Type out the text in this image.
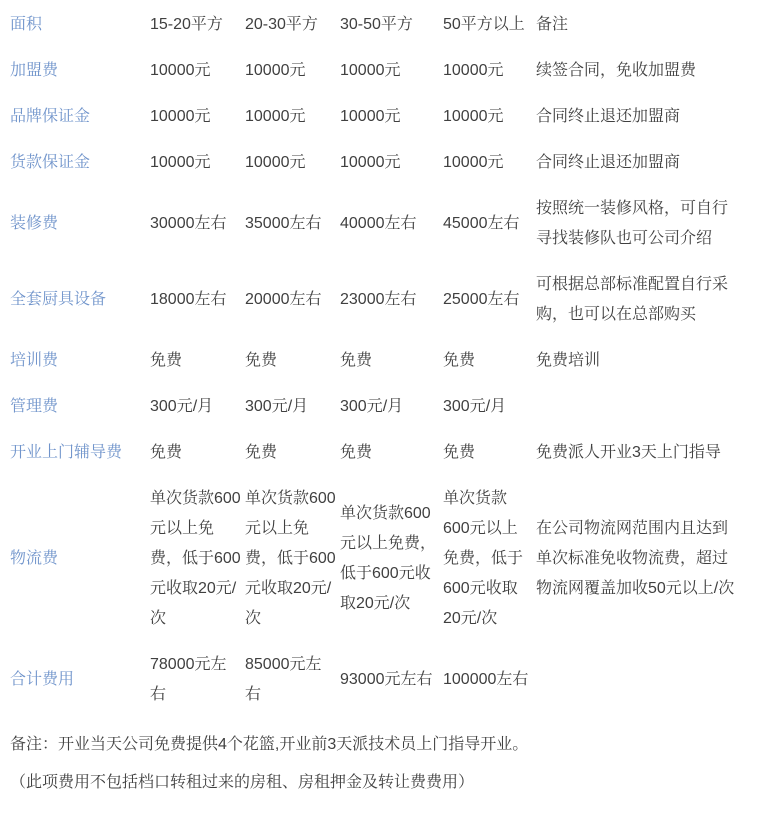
面积	15-20平方	20-30平方	30-50平方	50平方以上	备注
加盟费	10000元	10000元	10000元	10000元	续签合同，免收加盟费
品牌保证金	10000元	10000元	10000元	10000元	合同终止退还加盟商
货款保证金	10000元	10000元	10000元	10000元	合同终止退还加盟商
装修费	30000左右	35000左右	40000左右	45000左右	按照统一装修风格，可自行寻找装修队也可公司介绍
全套厨具设备	18000左右	20000左右	23000左右	25000左右	可根据总部标准配置自行采购，也可以在总部购买
培训费	免费	免费	免费	免费	免费培训
管理费	300元/月	300元/月	300元/月	300元/月	
开业上门辅导费	免费	免费	免费	免费	免费派人开业3天上门指导
物流费	单次货款600元以上免费，低于600元收取20元/次	单次货款600元以上免费，低于600元收取20元/次	单次货款600元以上免费，低于600元收取20元/次	单次货款600元以上免费，低于600元收取20元/次	在公司物流网范围内且达到单次标准免收物流费，超过物流网覆盖加收50元以上/次
合计费用	78000元左右	85000元左右	93000元左右	100000左右	

备注：开业当天公司免费提供4个花篮,开业前3天派技术员上门指导开业。

（此项费用不包括档口转租过来的房租、房租押金及转让费费用）
